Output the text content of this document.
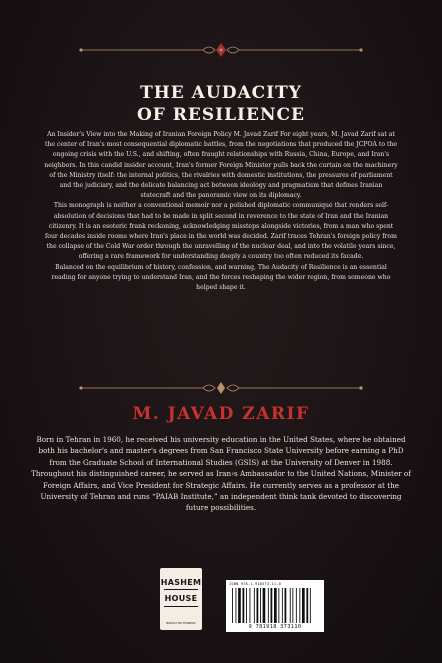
THE AUDACITY
OF RESILIENCE

An Insider's View into the Making of Iranian Foreign Policy M. Javad Zarif For eight years, M. Javad Zarif sat at the center of Iran's most consequential diplomatic battles, from the negotiations that produced the JCPOA to the ongoing crisis with the U.S., and shifting, often fraught relationships with Russia, China, Europe, and Iran's neighbors. In this candid insider account, Iran's former Foreign Minister pulls back the curtain on the machinery of the Ministry itself: the internal politics, the rivalries with domestic institutions, the pressures of parliament and the judiciary, and the delicate balancing act between ideology and pragmatism that defines Iranian statecraft and the panoramic view on its diplomacy.

This monograph is neither a conventional memoir nor a polished diplomatic communiqué that renders self-absolution of decisions that had to be made in split second in reverence to the state of Iran and the Iranian citizenry. It is an esoteric frank reckoning, acknowledging missteps alongside victories, from a man who spent four decades inside rooms where Iran's place in the world was decided. Zarif traces Tehran's foreign policy from the collapse of the Cold War order through the unravelling of the nuclear deal, and into the volatile years since, offering a rare framework for understanding deeply a country too often reduced its facade.

Balanced on the equilibrium of history, confession, and warning, The Audacity of Resilience is an essential reading for anyone trying to understand Iran, and the forces reshaping the wider region, from someone who helped shape it.

M. JAVAD ZARIF
Born in Tehran in 1960, he received his university education in the United States, where he obtained both his bachelor's and master's degrees from San Francisco State University before earning a PhD from the Graduate School of International Studies (GSIS) at the University of Denver in 1988. Throughout his distinguished career, he served as Iran›s Ambassador to the United Nations, Minister of Foreign Affairs, and Vice President for Strategic Affairs. He currently serves as a professor at the University of Tehran and runs “PAIAB Institute,” an independent think tank devoted to discovering future possibilities.
HASHEM
HOUSE
BOOKS FOR THINKERS
ISBN 978-1-918373-11-0
9 781918 373110
